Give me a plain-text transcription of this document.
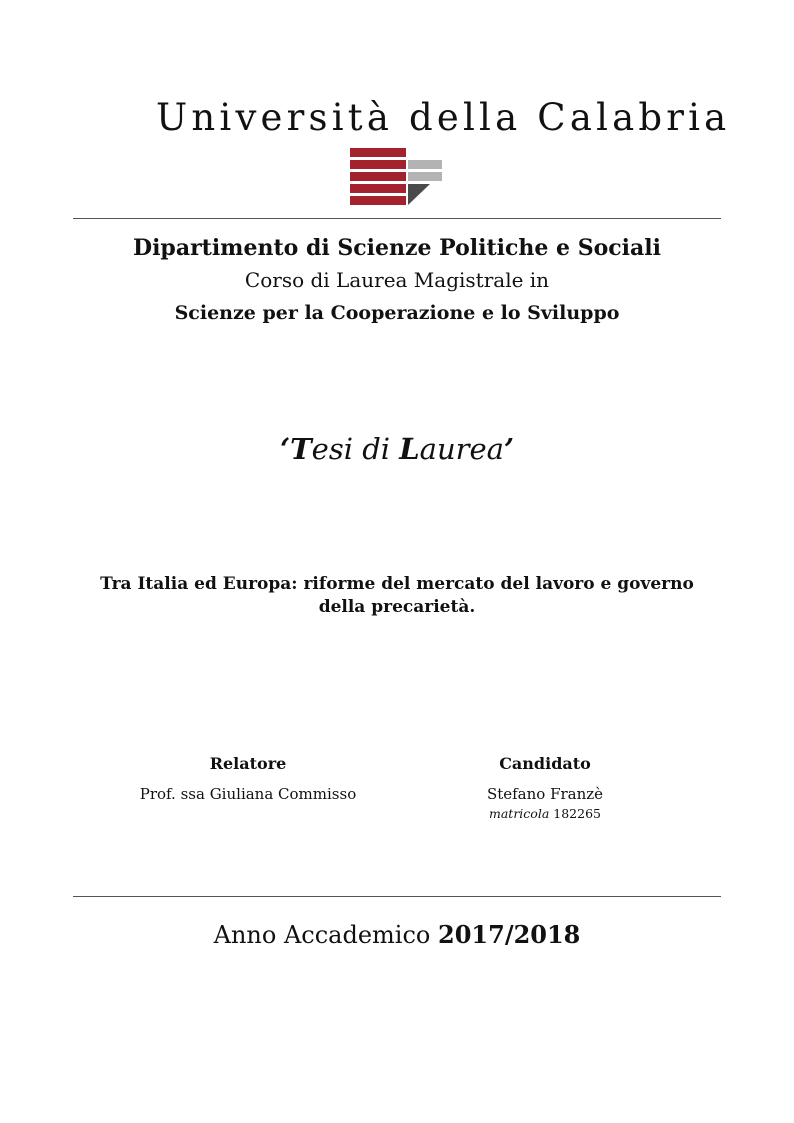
Università della Calabria
Dipartimento di Scienze Politiche e Sociali
Corso di Laurea Magistrale in
Scienze per la Cooperazione e lo Sviluppo
‘Tesi di Laurea’
Tra Italia ed Europa: riforme del mercato del lavoro e governo
della precarietà.
Relatore
Prof. ssa Giuliana Commisso
Candidato
Stefano Franzè
matricola 182265
Anno Accademico 2017/2018
